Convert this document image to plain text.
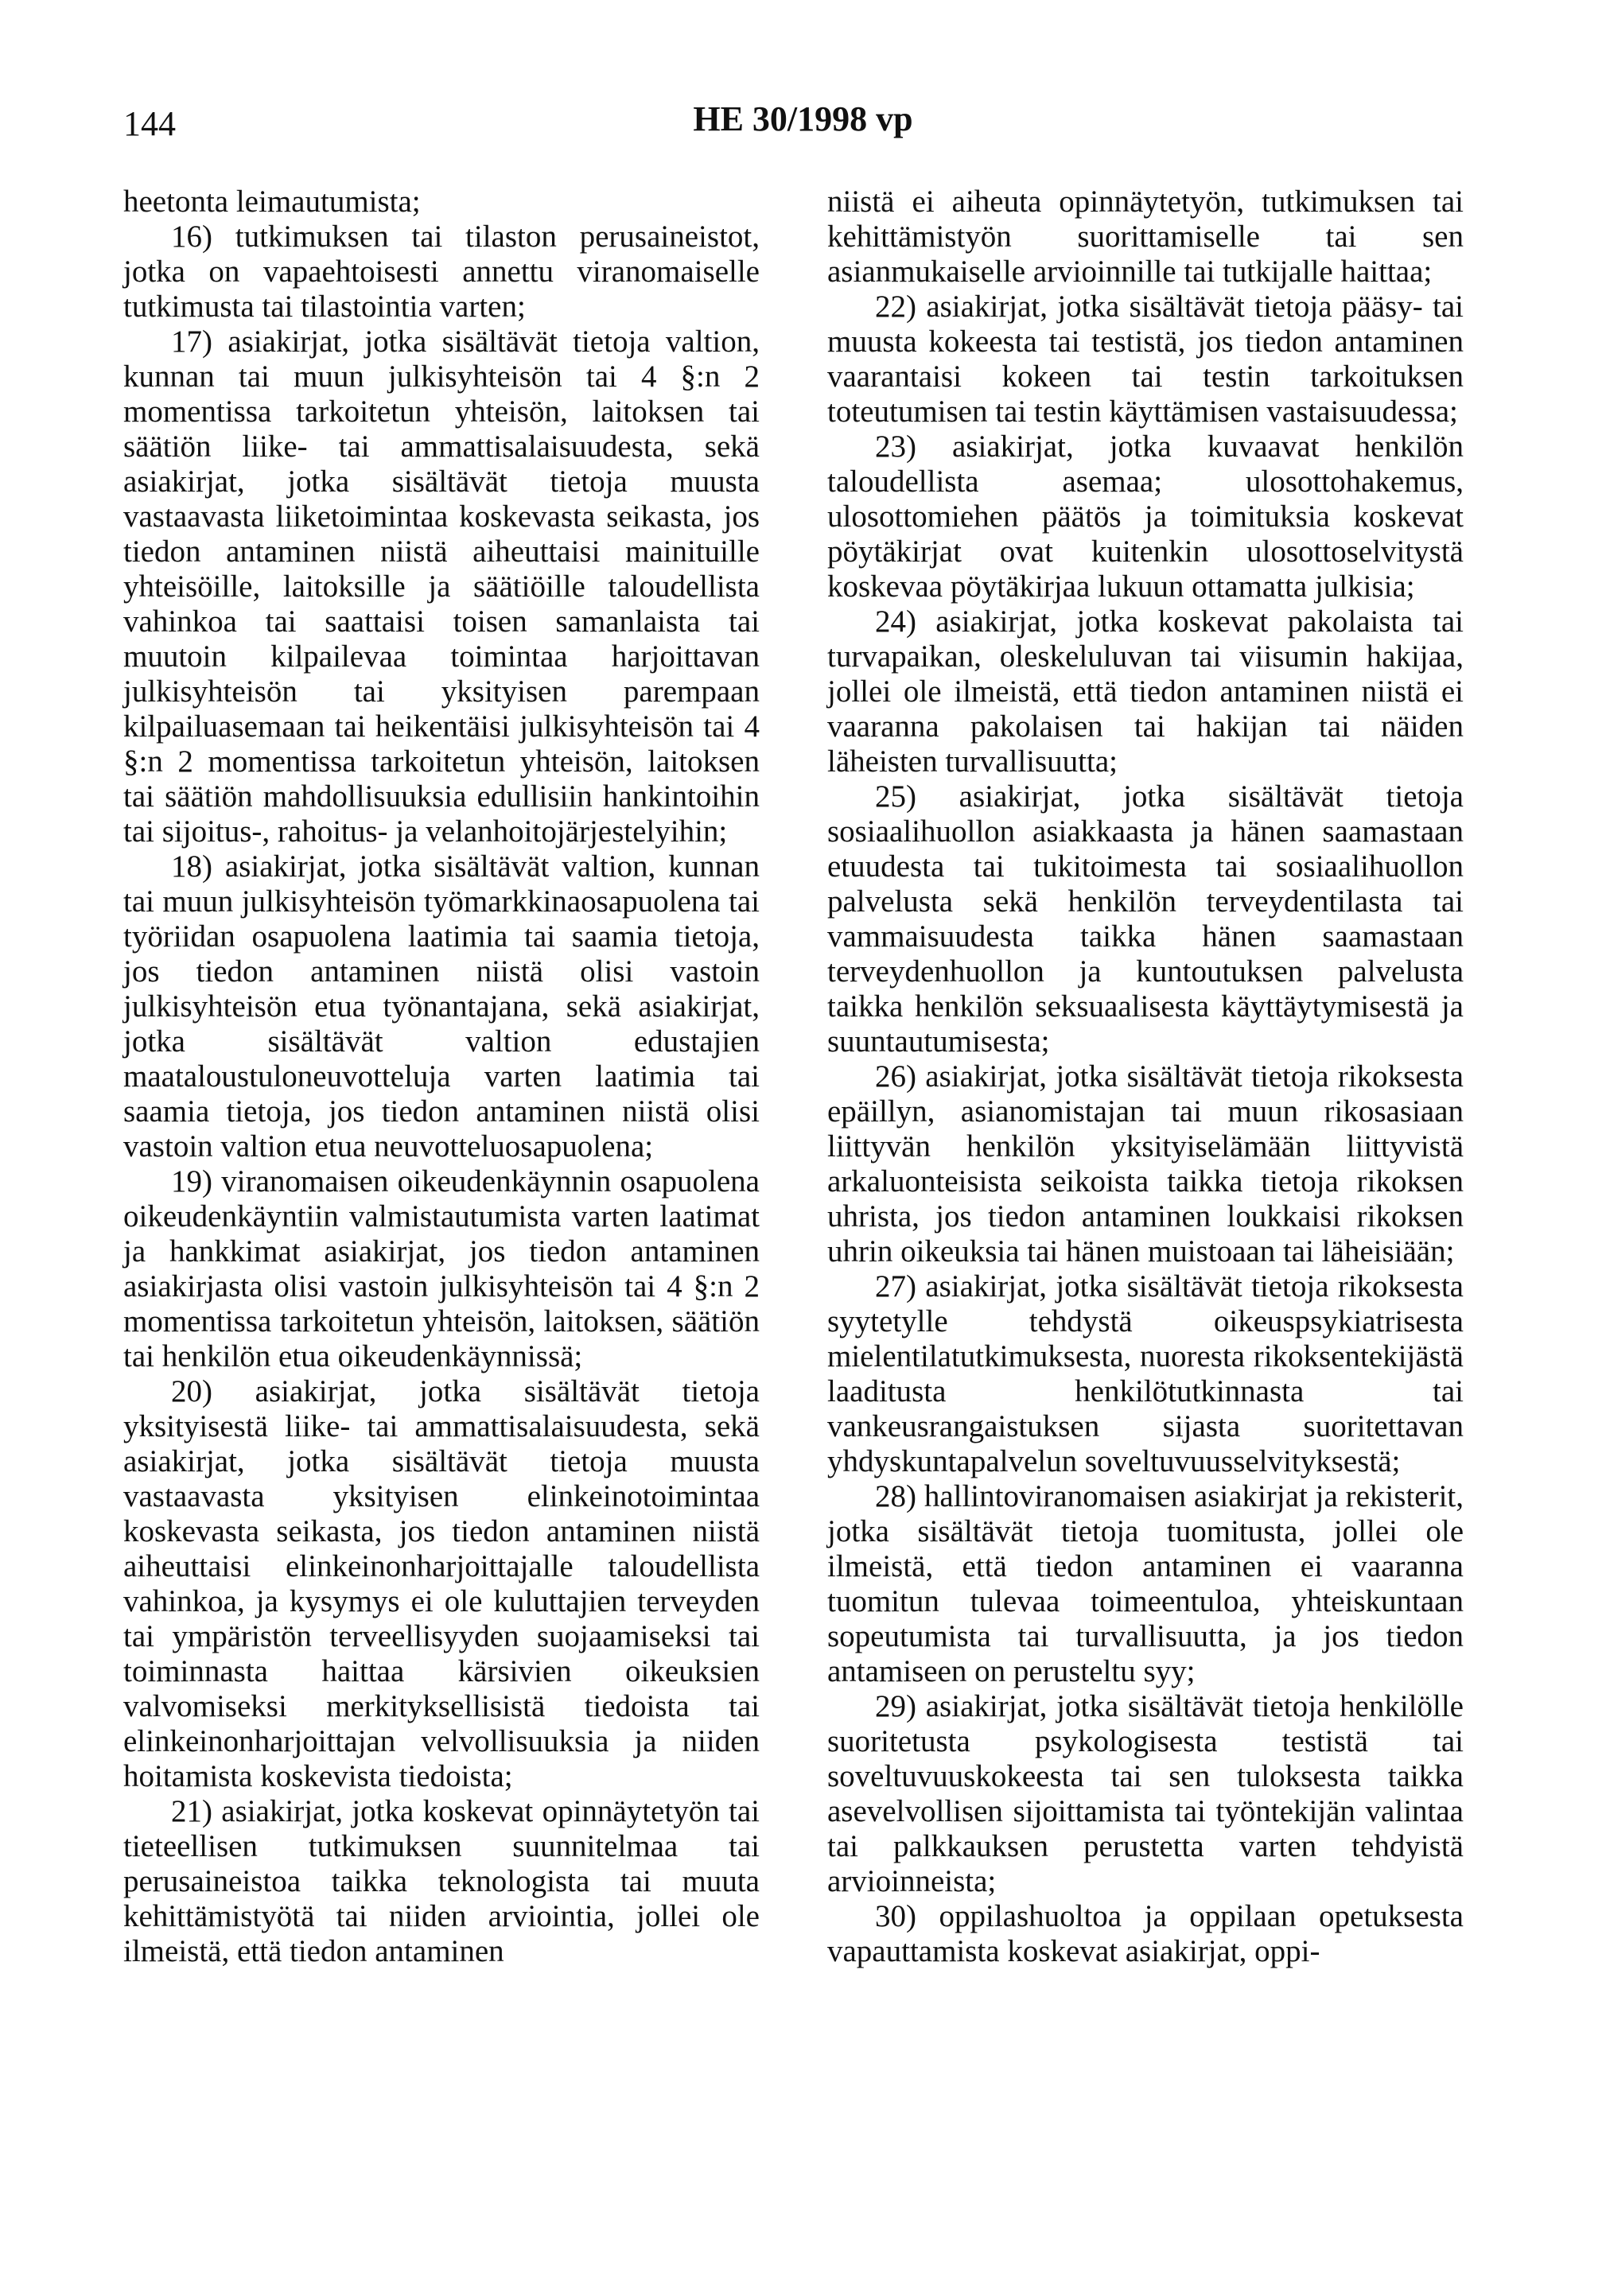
144	HE 30/1998 vp

heetonta leimautumista;

16) tutkimuksen tai tilaston perusaineistot, jotka on vapaehtoisesti annettu viranomaiselle tutkimusta tai tilastointia varten;

17) asiakirjat, jotka sisältävät tietoja valtion, kunnan tai muun julkisyhteisön tai 4 §:n 2 momentissa tarkoitetun yhteisön, laitoksen tai säätiön liike- tai ammattisalaisuudesta, sekä asiakirjat, jotka sisältävät tietoja muusta vastaavasta liiketoimintaa koskevasta seikasta, jos tiedon antaminen niistä aiheuttaisi mainituille yhteisöille, laitoksille ja säätiöille taloudellista vahinkoa tai saattaisi toisen samanlaista tai muutoin kilpailevaa toimintaa harjoittavan julkisyhteisön tai yksityisen parempaan kilpailuasemaan tai heikentäisi julkisyhteisön tai 4 §:n 2 momentissa tarkoitetun yhteisön, laitoksen tai säätiön mahdollisuuksia edullisiin hankintoihin tai sijoitus-, rahoitus- ja velanhoitojärjestelyihin;

18) asiakirjat, jotka sisältävät valtion, kunnan tai muun julkisyhteisön työmarkkinaosapuolena tai työriidan osapuolena laatimia tai saamia tietoja, jos tiedon antaminen niistä olisi vastoin julkisyhteisön etua työnantajana, sekä asiakirjat, jotka sisältävät valtion edustajien maataloustuloneuvotteluja varten laatimia tai saamia tietoja, jos tiedon antaminen niistä olisi vastoin valtion etua neuvotteluosapuolena;

19) viranomaisen oikeudenkäynnin osapuolena oikeudenkäyntiin valmistautumista varten laatimat ja hankkimat asiakirjat, jos tiedon antaminen asiakirjasta olisi vastoin julkisyhteisön tai 4 §:n 2 momentissa tarkoitetun yhteisön, laitoksen, säätiön tai henkilön etua oikeudenkäynnissä;

20) asiakirjat, jotka sisältävät tietoja yksityisestä liike- tai ammattisalaisuudesta, sekä asiakirjat, jotka sisältävät tietoja muusta vastaavasta yksityisen elinkeinotoimintaa koskevasta seikasta, jos tiedon antaminen niistä aiheuttaisi elinkeinonharjoittajalle taloudellista vahinkoa, ja kysymys ei ole kuluttajien terveyden tai ympäristön terveellisyyden suojaamiseksi tai toiminnasta haittaa kärsivien oikeuksien valvomiseksi merkityksellisistä tiedoista tai elinkeinonharjoittajan velvollisuuksia ja niiden hoitamista koskevista tiedoista;

21) asiakirjat, jotka koskevat opinnäytetyön tai tieteellisen tutkimuksen suunnitelmaa tai perusaineistoa taikka teknologista tai muuta kehittämistyötä tai niiden arviointia, jollei ole ilmeistä, että tiedon antaminen

niistä ei aiheuta opinnäytetyön, tutkimuksen tai kehittämistyön suorittamiselle tai sen asianmukaiselle arvioinnille tai tutkijalle haittaa;

22) asiakirjat, jotka sisältävät tietoja pääsy- tai muusta kokeesta tai testistä, jos tiedon antaminen vaarantaisi kokeen tai testin tarkoituksen toteutumisen tai testin käyttämisen vastaisuudessa;

23) asiakirjat, jotka kuvaavat henkilön taloudellista asemaa; ulosottohakemus, ulosottomiehen päätös ja toimituksia koskevat pöytäkirjat ovat kuitenkin ulosottoselvitystä koskevaa pöytäkirjaa lukuun ottamatta julkisia;

24) asiakirjat, jotka koskevat pakolaista tai turvapaikan, oleskeluluvan tai viisumin hakijaa, jollei ole ilmeistä, että tiedon antaminen niistä ei vaaranna pakolaisen tai hakijan tai näiden läheisten turvallisuutta;

25) asiakirjat, jotka sisältävät tietoja sosiaalihuollon asiakkaasta ja hänen saamastaan etuudesta tai tukitoimesta tai sosiaalihuollon palvelusta sekä henkilön terveydentilasta tai vammaisuudesta taikka hänen saamastaan terveydenhuollon ja kuntoutuksen palvelusta taikka henkilön seksuaalisesta käyttäytymisestä ja suuntautumisesta;

26) asiakirjat, jotka sisältävät tietoja rikoksesta epäillyn, asianomistajan tai muun rikosasiaan liittyvän henkilön yksityiselämään liittyvistä arkaluonteisista seikoista taikka tietoja rikoksen uhrista, jos tiedon antaminen loukkaisi rikoksen uhrin oikeuksia tai hänen muistoaan tai läheisiään;

27) asiakirjat, jotka sisältävät tietoja rikoksesta syytetylle tehdystä oikeuspsykiatrisesta mielentilatutkimuksesta, nuoresta rikoksentekijästä laaditusta henkilötutkinnasta tai vankeusrangaistuksen sijasta suoritettavan yhdyskuntapalvelun soveltuvuusselvityksestä;

28) hallintoviranomaisen asiakirjat ja rekisterit, jotka sisältävät tietoja tuomitusta, jollei ole ilmeistä, että tiedon antaminen ei vaaranna tuomitun tulevaa toimeentuloa, yhteiskuntaan sopeutumista tai turvallisuutta, ja jos tiedon antamiseen on perusteltu syy;

29) asiakirjat, jotka sisältävät tietoja henkilölle suoritetusta psykologisesta testistä tai soveltuvuuskokeesta tai sen tuloksesta taikka asevelvollisen sijoittamista tai työntekijän valintaa tai palkkauksen perustetta varten tehdyistä arvioinneista;

30) oppilashuoltoa ja oppilaan opetuksesta vapauttamista koskevat asiakirjat, oppi-
